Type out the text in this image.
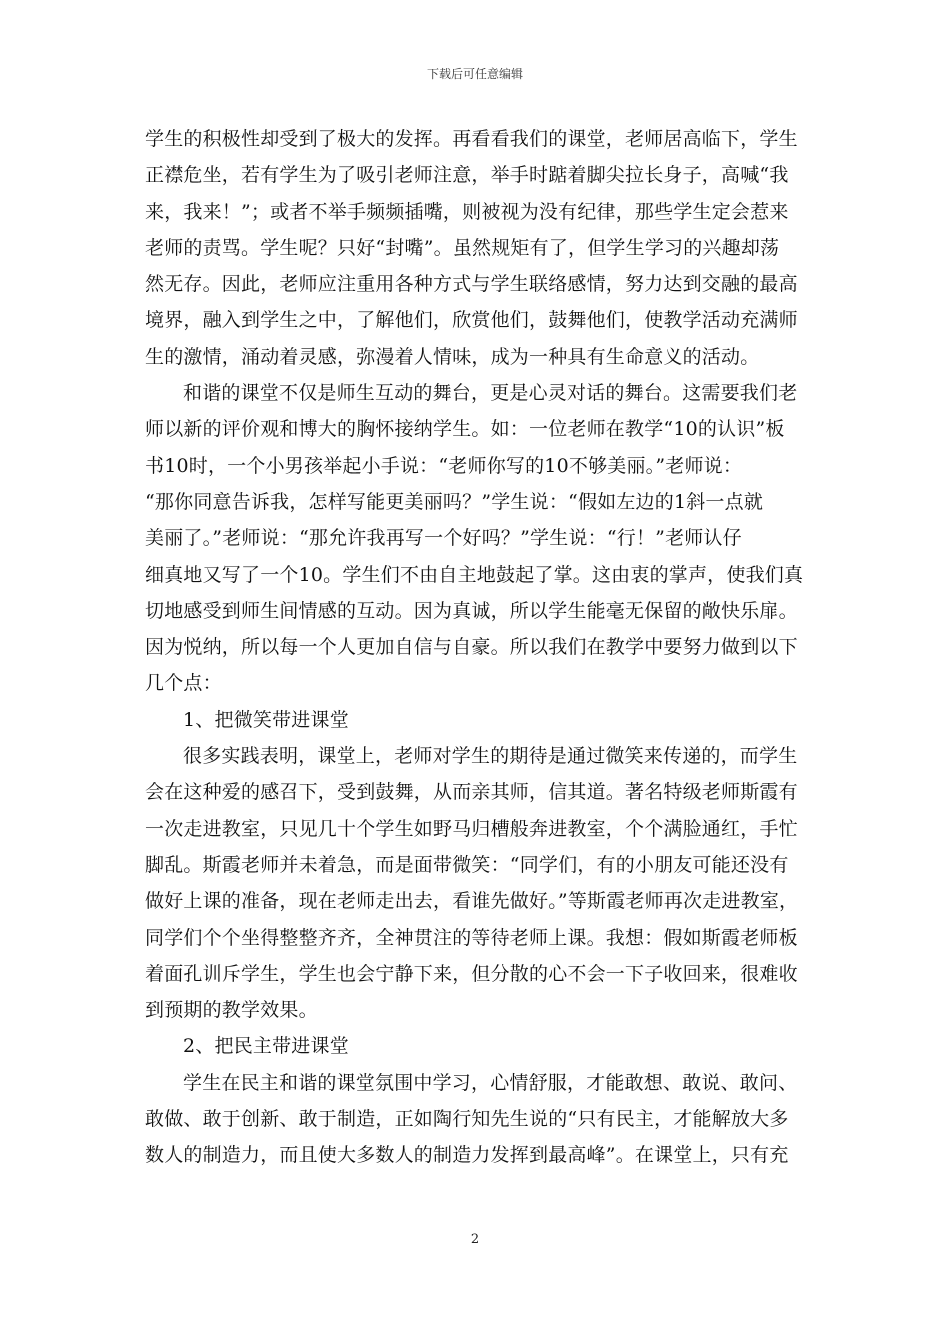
下载后可任意编辑
学生的积极性却受到了极大的发挥。再看看我们的课堂，老师居高临下，学生
正襟危坐，若有学生为了吸引老师注意，举手时踮着脚尖拉长身子，高喊“我
来，我来！”；或者不举手频频插嘴，则被视为没有纪律，那些学生定会惹来
老师的责骂。学生呢？只好“封嘴”。虽然规矩有了，但学生学习的兴趣却荡
然无存。因此，老师应注重用各种方式与学生联络感情，努力达到交融的最高
境界，融入到学生之中，了解他们，欣赏他们，鼓舞他们，使教学活动充满师
生的激情，涌动着灵感，弥漫着人情味，成为一种具有生命意义的活动。
和谐的课堂不仅是师生互动的舞台，更是心灵对话的舞台。这需要我们老
师以新的评价观和博大的胸怀接纳学生。如：一位老师在教学“10的认识”板
书10时，一个小男孩举起小手说：“老师你写的10不够美丽。”老师说：
“那你同意告诉我，怎样写能更美丽吗？”学生说：“假如左边的1斜一点就
美丽了。”老师说：“那允许我再写一个好吗？”学生说：“行！”老师认仔
细真地又写了一个10。学生们不由自主地鼓起了掌。这由衷的掌声，使我们真
切地感受到师生间情感的互动。因为真诚，所以学生能毫无保留的敞快乐扉。
因为悦纳，所以每一个人更加自信与自豪。所以我们在教学中要努力做到以下
几个点：
1、把微笑带进课堂
很多实践表明，课堂上，老师对学生的期待是通过微笑来传递的，而学生
会在这种爱的感召下，受到鼓舞，从而亲其师，信其道。著名特级老师斯霞有
一次走进教室，只见几十个学生如野马归槽般奔进教室，个个满脸通红，手忙
脚乱。斯霞老师并未着急，而是面带微笑：“同学们，有的小朋友可能还没有
做好上课的准备，现在老师走出去，看谁先做好。”等斯霞老师再次走进教室，
同学们个个坐得整整齐齐，全神贯注的等待老师上课。我想：假如斯霞老师板
着面孔训斥学生，学生也会宁静下来，但分散的心不会一下子收回来，很难收
到预期的教学效果。
2、把民主带进课堂
学生在民主和谐的课堂氛围中学习，心情舒服，才能敢想、敢说、敢问、
敢做、敢于创新、敢于制造，正如陶行知先生说的“只有民主，才能解放大多
数人的制造力，而且使大多数人的制造力发挥到最高峰”。在课堂上，只有充
2
